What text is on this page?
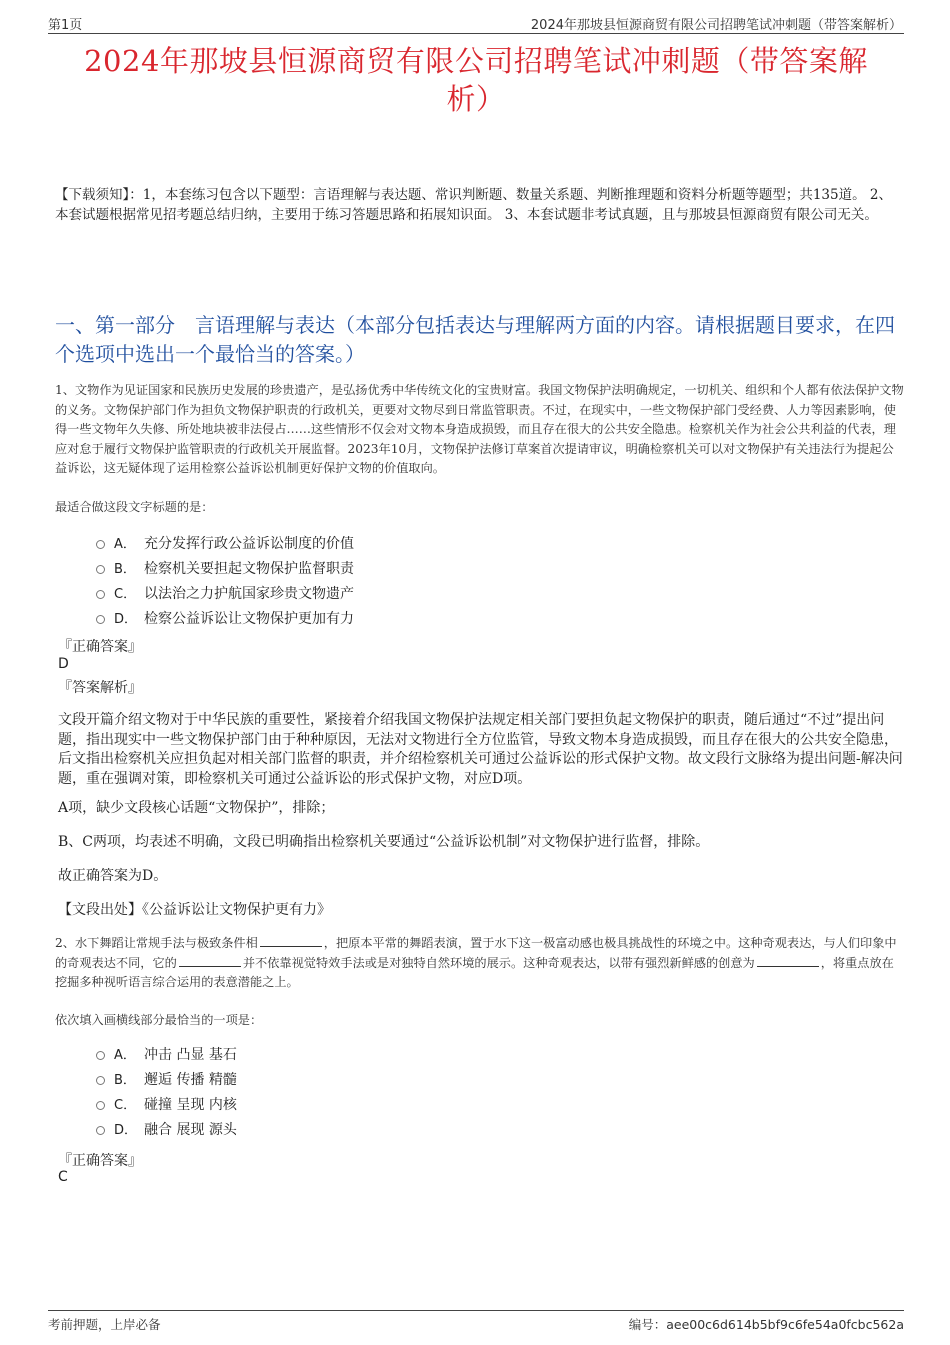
第1页	2024年那坡县恒源商贸有限公司招聘笔试冲刺题（带答案解析）
2024年那坡县恒源商贸有限公司招聘笔试冲刺题（带答案解
析）
【下载须知】：1，本套练习包含以下题型：言语理解与表达题、常识判断题、数量关系题、判断推理题和资料分析题等题型；共135道。 2、本套试题根据常见招考题总结归纳，主要用于练习答题思路和拓展知识面。 3、本套试题非考试真题，且与那坡县恒源商贸有限公司无关。
一、第一部分　言语理解与表达（本部分包括表达与理解两方面的内容。请根据题目要求，在四个选项中选出一个最恰当的答案。）
1、文物作为见证国家和民族历史发展的珍贵遗产，是弘扬优秀中华传统文化的宝贵财富。我国文物保护法明确规定，一切机关、组织和个人都有依法保护文物的义务。文物保护部门作为担负文物保护职责的行政机关，更要对文物尽到日常监管职责。不过，在现实中，一些文物保护部门受经费、人力等因素影响，使得一些文物年久失修、所处地块被非法侵占……这些情形不仅会对文物本身造成损毁，而且存在很大的公共安全隐患。检察机关作为社会公共利益的代表，理应对怠于履行文物保护监管职责的行政机关开展监督。2023年10月，文物保护法修订草案首次提请审议，明确检察机关可以对文物保护有关违法行为提起公益诉讼，这无疑体现了运用检察公益诉讼机制更好保护文物的价值取向。
最适合做这段文字标题的是：
A． 充分发挥行政公益诉讼制度的价值
B． 检察机关要担起文物保护监督职责
C． 以法治之力护航国家珍贵文物遗产
D． 检察公益诉讼让文物保护更加有力
『正确答案』
D
『答案解析』
文段开篇介绍文物对于中华民族的重要性，紧接着介绍我国文物保护法规定相关部门要担负起文物保护的职责，随后通过“不过”提出问题，指出现实中一些文物保护部门由于种种原因，无法对文物进行全方位监管，导致文物本身造成损毁，而且存在很大的公共安全隐患，后文指出检察机关应担负起对相关部门监督的职责，并介绍检察机关可通过公益诉讼的形式保护文物。故文段行文脉络为提出问题-解决问题，重在强调对策，即检察机关可通过公益诉讼的形式保护文物，对应D项。
A项，缺少文段核心话题“文物保护”，排除；
B、C两项，均表述不明确，文段已明确指出检察机关要通过“公益诉讼机制”对文物保护进行监督，排除。
故正确答案为D。
【文段出处】《公益诉讼让文物保护更有力》
2、水下舞蹈让常规手法与极致条件相	，把原本平常的舞蹈表演，置于水下这一极富动感也极具挑战性的环境之中。这种奇观表达，与人们印象中的奇观表达不同，它的	并不依靠视觉特效手法或是对独特自然环境的展示。这种奇观表达，以带有强烈新鲜感的创意为	，将重点放在挖掘多种视听语言综合运用的表意潜能之上。
依次填入画横线部分最恰当的一项是：
A． 冲击 凸显 基石
B． 邂逅 传播 精髓
C． 碰撞 呈现 内核
D． 融合 展现 源头
『正确答案』
C
考前押题，上岸必备	编号：aee00c6d614b5bf9c6fe54a0fcbc562a
